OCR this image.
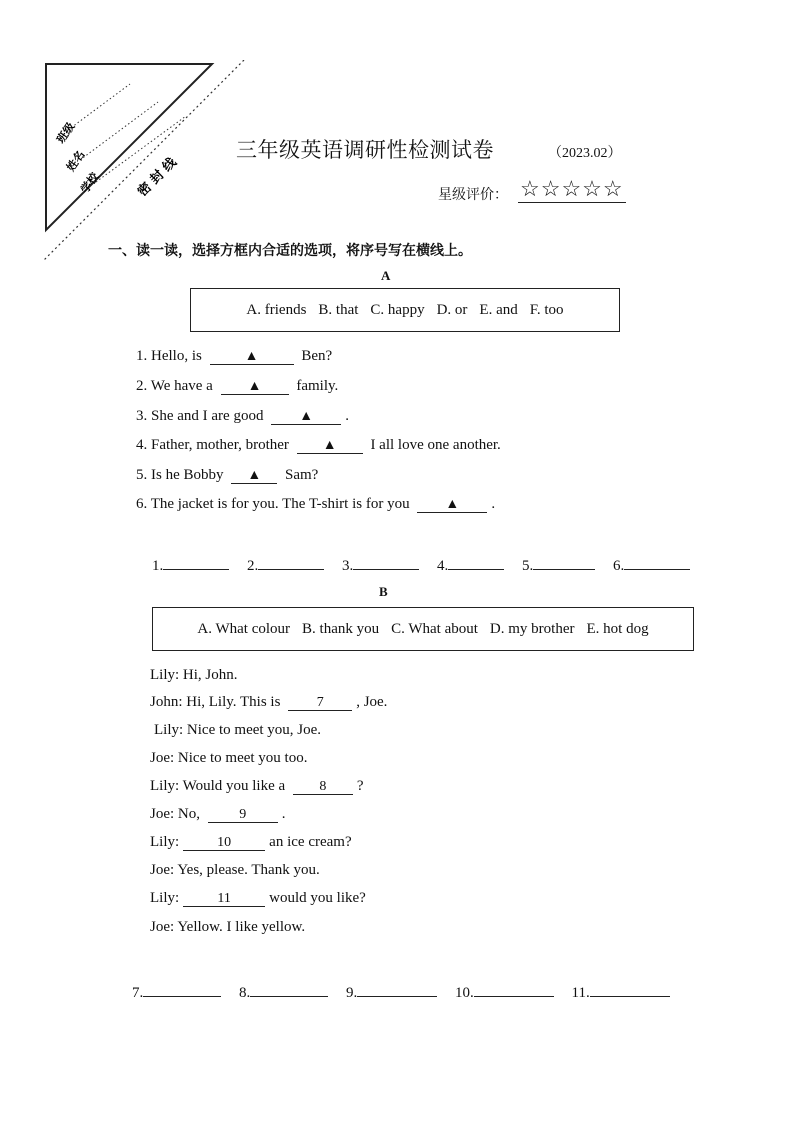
班级
姓名
学校	密 封 线
三年级英语调研性检测试卷	（2023.02）
星级评价： ☆☆☆☆☆
一、读一读，选择方框内合适的选项，将序号写在横线上。
A
A. friends B. that C. happy D. or E. and F. too
1. Hello, is	▲	Ben?
2. We have a ▲ family.
3. She and I are good	▲ .
4. Father, mother, brother ▲ I all love one another.
5. Is he Bobby ▲ Sam?
6. The jacket is for you. The T-shirt is for you	▲ .
1.	2.	3.	4.	5.	6.
B
A. What colour B. thank you C. What about D. my brother E. hot dog
Lily: Hi, John.
John: Hi, Lily. This is	7 , Joe.
Lily: Nice to meet you, Joe.
Joe: Nice to meet you too.
Lily: Would you like a 8 ?
Joe: No,	9 .
Lily:	10	an ice cream?
Joe: Yes, please. Thank you.
Lily:	11	would you like?
Joe: Yellow. I like yellow.
7.	8.	9.	10.	11.
